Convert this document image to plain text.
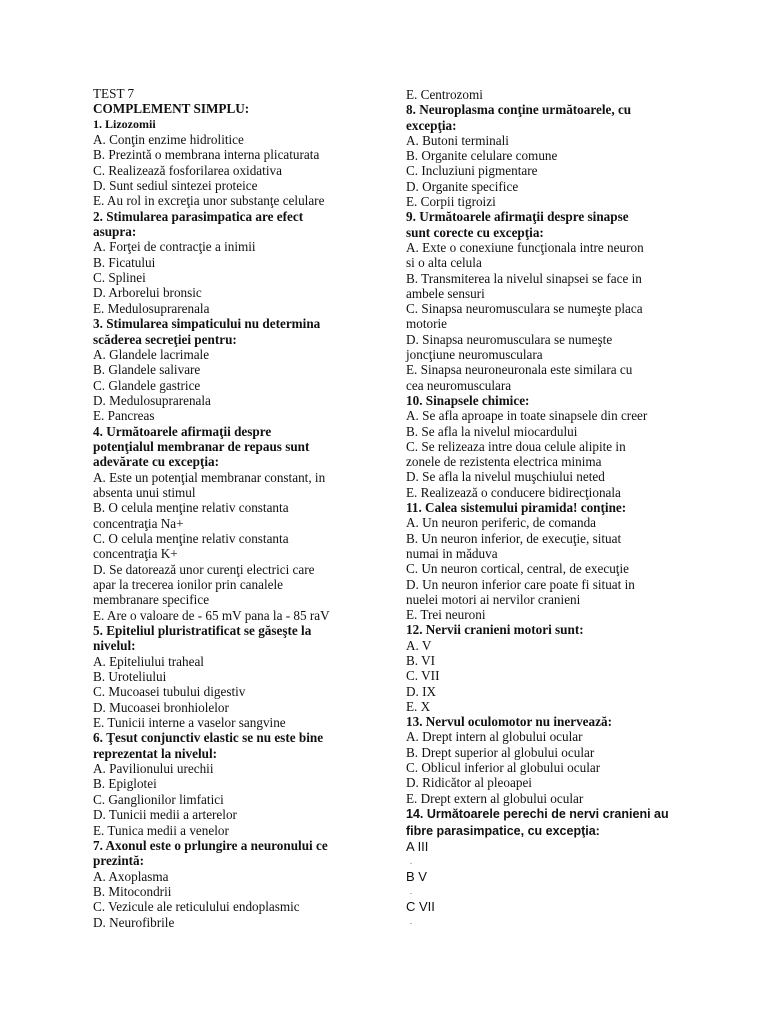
TEST 7
COMPLEMENT SIMPLU:
1. Lizozomii
A. Conţin enzime hidrolitice
B. Prezintă o membrana interna plicaturata
C. Realizează fosforilarea oxidativa
D. Sunt sediul sintezei proteice
E. Au rol in excreţia unor substanţe celulare
2. Stimularea parasimpatica are efect
asupra:
A. Forţei de contracţie a inimii
B. Ficatului
C. Splinei
D. Arborelui bronsic
E. Medulosuprarenala
3. Stimularea simpaticului nu determina
scăderea secreţiei pentru:
A. Glandele lacrimale
B. Glandele salivare
C. Glandele gastrice
D. Medulosuprarenala
E. Pancreas
4. Următoarele afirmaţii despre
potenţialul membranar de repaus sunt
adevărate cu excepţia:
A. Este un potenţial membranar constant, in
absenta unui stimul
B. O celula menţine relativ constanta
concentraţia Na+
C. O celula menţine relativ constanta
concentraţia K+
D. Se datorează unor curenţi electrici care
apar la trecerea ionilor prin canalele
membranare specifice
E. Are o valoare de - 65 mV pana la - 85 raV
5. Epiteliul pluristratificat se găseşte la
nivelul:
A. Epiteliului traheal
B. Uroteliului
C. Mucoasei tubului digestiv
D. Mucoasei bronhiolelor
E. Tunicii interne a vaselor sangvine
6. Ţesut conjunctiv elastic se nu este bine
reprezentat la nivelul:
A. Pavilionului urechii
B. Epiglotei
C. Ganglionilor limfatici
D. Tunicii medii a arterelor
E. Tunica medii a venelor
7. Axonul este o prlungire a neuronului ce
prezintă:
A. Axoplasma
B. Mitocondrii
C. Vezicule ale reticulului endoplasmic
D. Neurofibrile
E. Centrozomi
8. Neuroplasma conţine următoarele, cu
excepţia:
A. Butoni terminali
B. Organite celulare comune
C. Incluziuni pigmentare
D. Organite specifice
E. Corpii tigroizi
9. Următoarele afirmaţii despre sinapse
sunt corecte cu excepţia:
A. Exte o conexiune funcţionala intre neuron
si o alta celula
B. Transmiterea la nivelul sinapsei se face in
ambele sensuri
C. Sinapsa neuromusculara se numeşte placa
motorie
D. Sinapsa neuromusculara se numeşte
joncţiune neuromusculara
E. Sinapsa neuroneuronala este similara cu
cea neuromusculara
10. Sinapsele chimice:
A. Se afla aproape in toate sinapsele din creer
B. Se afla la nivelul miocardului
C. Se relizeaza intre doua celule alipite in
zonele de rezistenta electrica minima
D. Se afla la nivelul muşchiului neted
E. Realizează o conducere bidirecţionala
11. Calea sistemului piramida! conţine:
A. Un neuron periferic, de comanda
B. Un neuron inferior, de execuţie, situat
numai in măduva
C. Un neuron cortical, central, de execuţie
D. Un neuron inferior care poate fi situat in
nuelei motori ai nervilor cranieni
E. Trei neuroni
12. Nervii cranieni motori sunt:
A. V
B. VI
C. VII
D. IX
E. X
13. Nervul oculomotor nu inervează:
A. Drept intern al globului ocular
B. Drept superior al globului ocular
C. Oblicul inferior al globului ocular
D. Ridicător al pleoapei
E. Drept extern al globului ocular
14. Următoarele perechi de nervi cranieni au
fibre parasimpatice, cu excepţia:
A III
.
B V
.
C VII
.
